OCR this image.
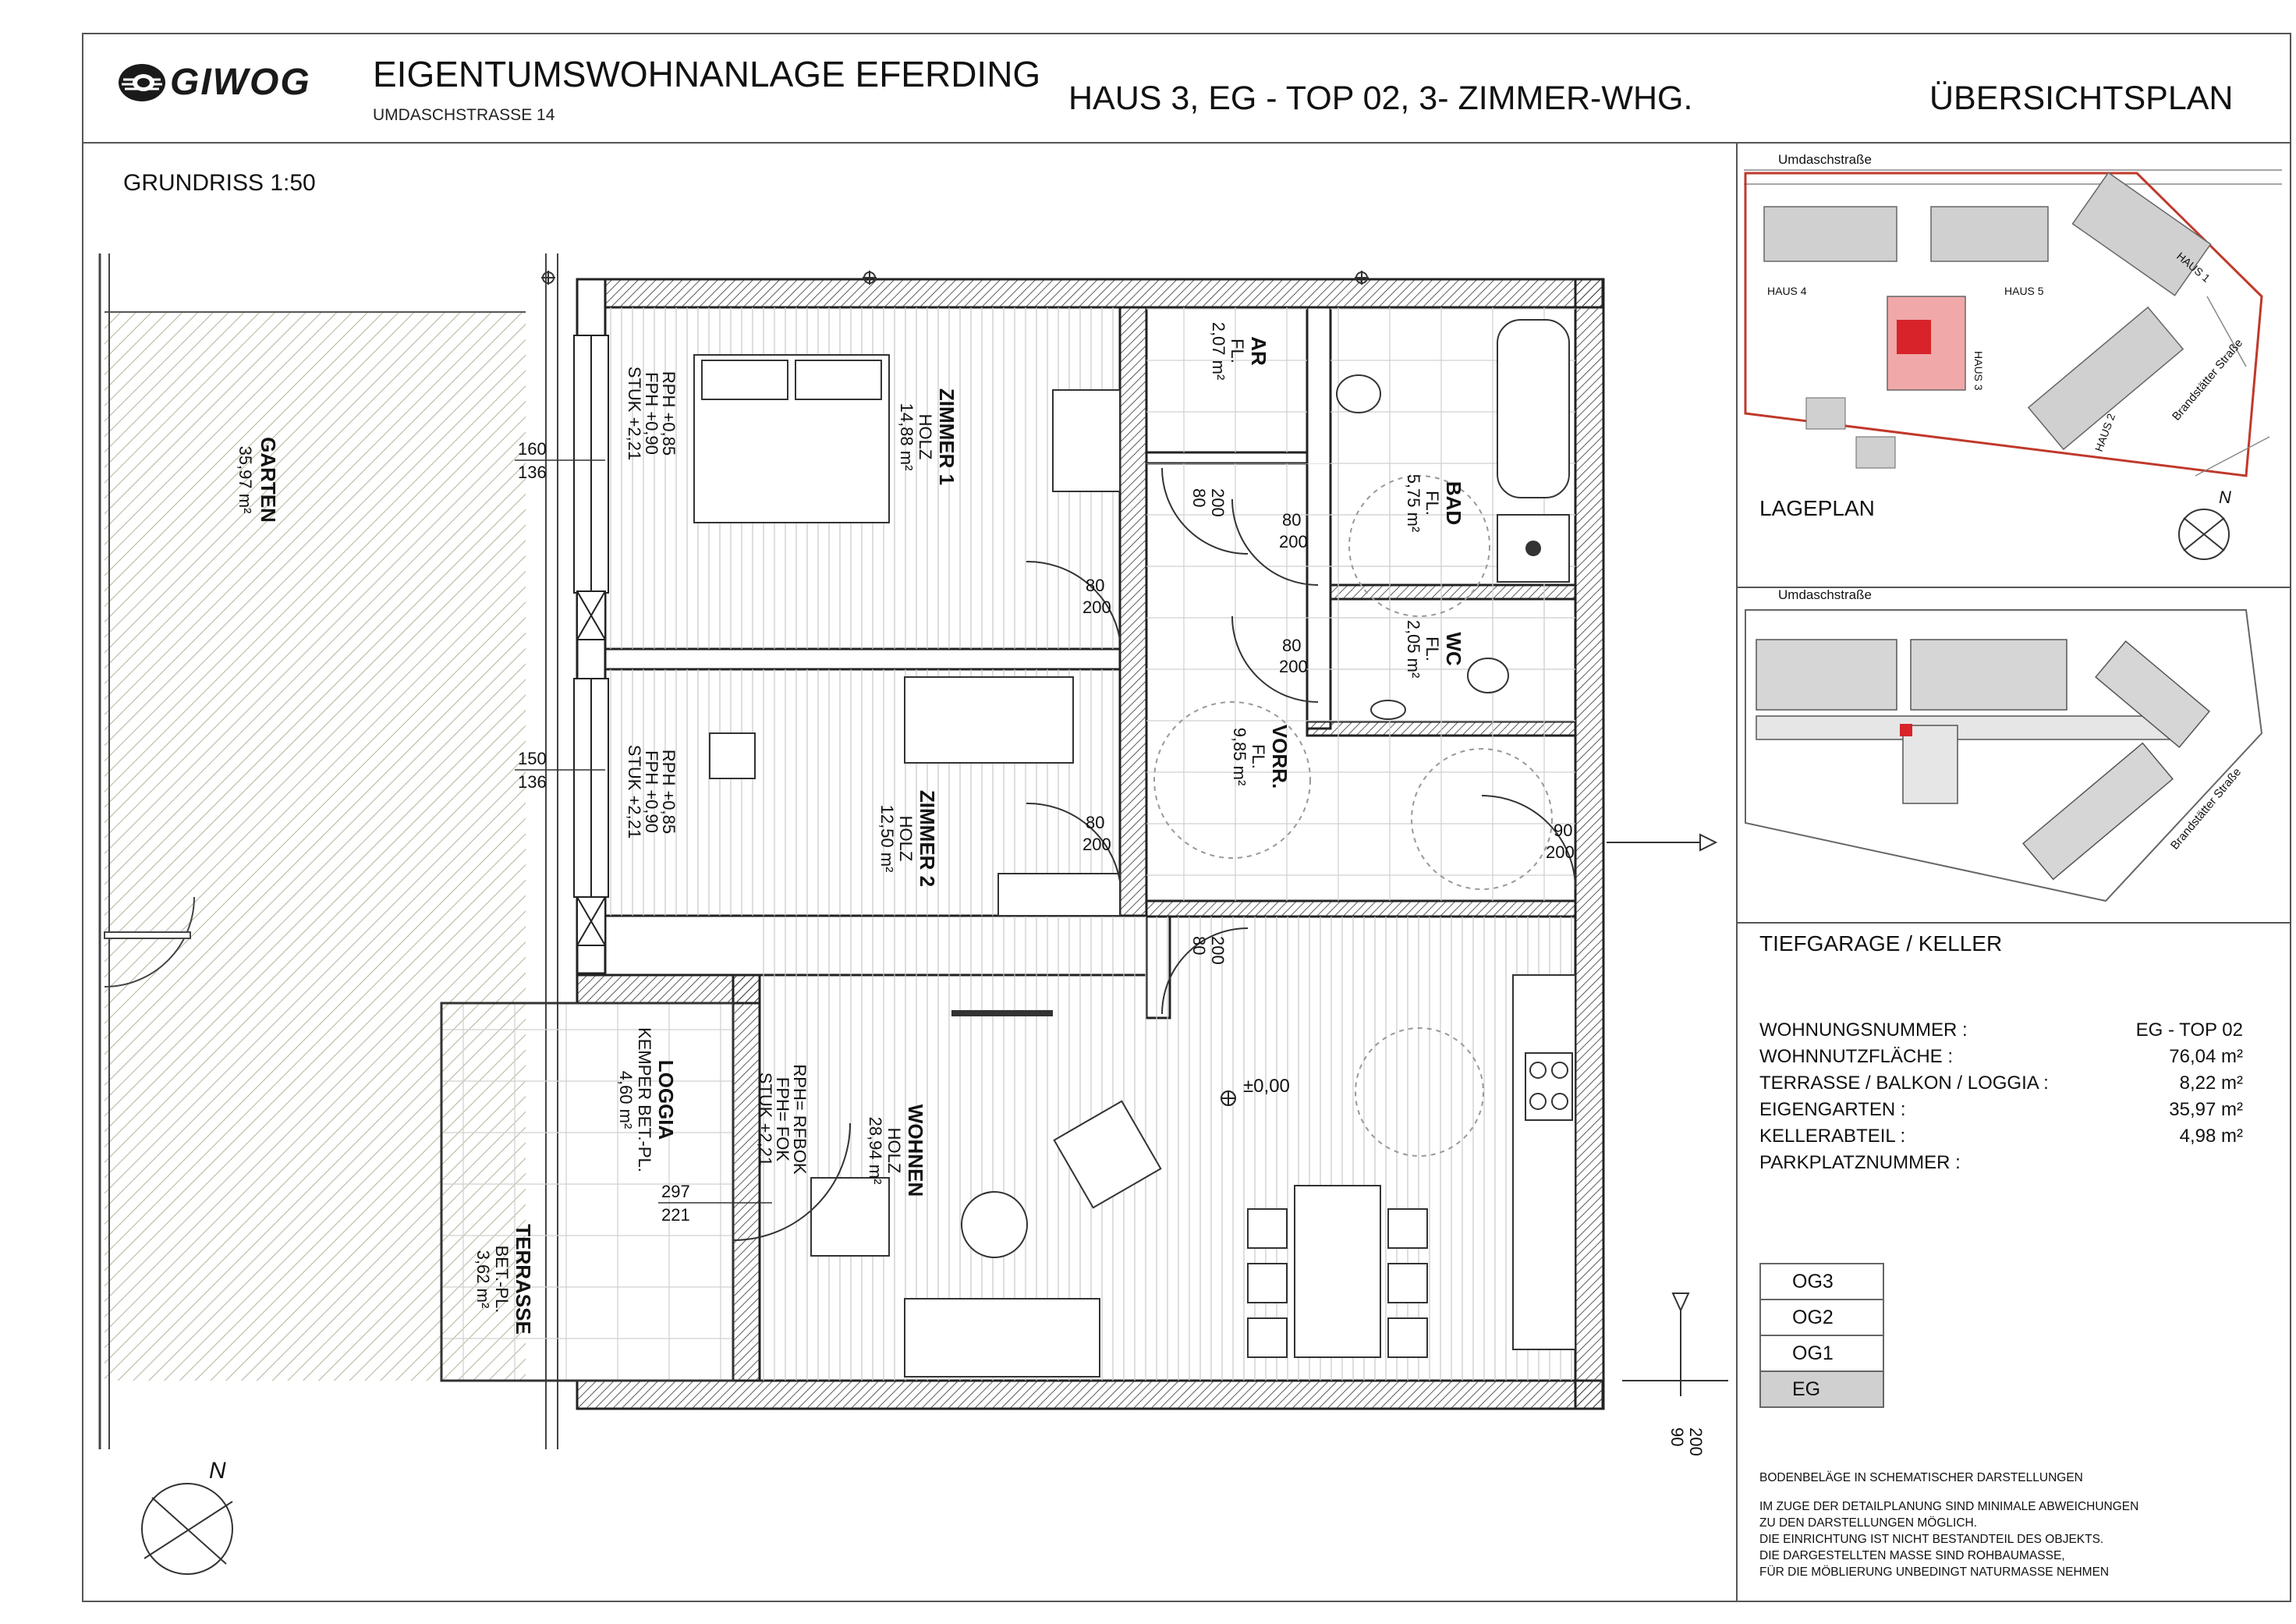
GIWOG EIGENTUMSWOHNANLAGE EFERDING
UMDASCHSTRASSE 14	HAUS 3, EG - TOP 02, 3- ZIMMER-WHG.	ÜBERSICHTSPLAN
GRUNDRISS 1:50
GARTEN
35,97 m²	ZIMMER 1
HOLZ
14,88 m²
AR
FL.
2,07 m²
BAD
FL.
5,75 m²
WC
FL.
2,05 m²
VORR.
FL.
9,85 m²
ZIMMER 2
HOLZ
12,50 m²
WOHNEN
HOLZ
28,94 m²
LOGGIA
KEMPER BET.-PL.
4,60 m²
TERRASSE
BET.-PL.
3,62 m²
RPH +0,85
FPH +0,90
STUK +2,21
RPH +0,85
FPH +0,90
STUK +2,21
RPH= RFBOK
FPH= FOK
STUK +2,21
160
136
150
136
297
221
80 200
80
200
80
200
80
200
80
200
90
200
80 200
90 200
±0,00
N
Umdaschstraße
HAUS 4	HAUS 5
HAUS 3
HAUS 2
HAUS 1
Brandstätter Straße
N
Umdaschstraße
Brandstätter Straße
LAGEPLAN
TIEFGARAGE / KELLER
WOHNUNGSNUMMER :	EG - TOP 02
WOHNNUTZFLÄCHE :	76,04 m²
TERRASSE / BALKON / LOGGIA :	8,22 m²
EIGENGARTEN :	35,97 m²
KELLERABTEIL :	4,98 m²
PARKPLATZNUMMER :
OG3
OG2
OG1
EG
BODENBELÄGE IN SCHEMATISCHER DARSTELLUNGEN
IM ZUGE DER DETAILPLANUNG SIND MINIMALE ABWEICHUNGEN
ZU DEN DARSTELLUNGEN MÖGLICH.
DIE EINRICHTUNG IST NICHT BESTANDTEIL DES OBJEKTS.
DIE DARGESTELLTEN MASSE SIND ROHBAUMASSE,
FÜR DIE MÖBLIERUNG UNBEDINGT NATURMASSE NEHMEN
